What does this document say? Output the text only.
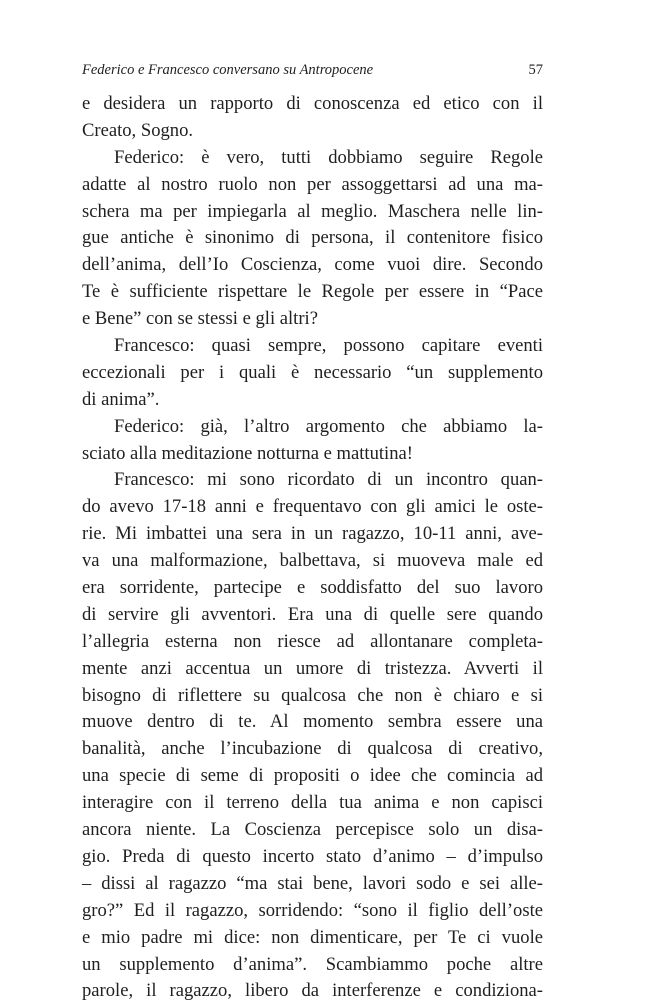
Federico e Francesco conversano su Antropocene	57
e desidera un rapporto di conoscenza ed etico con il
Creato, Sogno.
Federico: è vero, tutti dobbiamo seguire Regole
adatte al nostro ruolo non per assoggettarsi ad una ma-
schera ma per impiegarla al meglio. Maschera nelle lin-
gue antiche è sinonimo di persona, il contenitore fisico
dell’anima, dell’Io Coscienza, come vuoi dire. Secondo
Te è sufficiente rispettare le Regole per essere in “Pace
e Bene” con se stessi e gli altri?
Francesco: quasi sempre, possono capitare eventi
eccezionali per i quali è necessario “un supplemento
di anima”.
Federico: già, l’altro argomento che abbiamo la-
sciato alla meditazione notturna e mattutina!
Francesco: mi sono ricordato di un incontro quan-
do avevo 17-18 anni e frequentavo con gli amici le oste-
rie. Mi imbattei una sera in un ragazzo, 10-11 anni, ave-
va una malformazione, balbettava, si muoveva male ed
era sorridente, partecipe e soddisfatto del suo lavoro
di servire gli avventori. Era una di quelle sere quando
l’allegria esterna non riesce ad allontanare completa-
mente anzi accentua un umore di tristezza. Avverti il
bisogno di riflettere su qualcosa che non è chiaro e si
muove dentro di te. Al momento sembra essere una
banalità, anche l’incubazione di qualcosa di creativo,
una specie di seme di propositi o idee che comincia ad
interagire con il terreno della tua anima e non capisci
ancora niente. La Coscienza percepisce solo un disa-
gio. Preda di questo incerto stato d’animo – d’impulso
– dissi al ragazzo “ma stai bene, lavori sodo e sei alle-
gro?” Ed il ragazzo, sorridendo: “sono il figlio dell’oste
e mio padre mi dice: non dimenticare, per Te ci vuole
un supplemento d’anima”. Scambiammo poche altre
parole, il ragazzo, libero da interferenze e condiziona-
